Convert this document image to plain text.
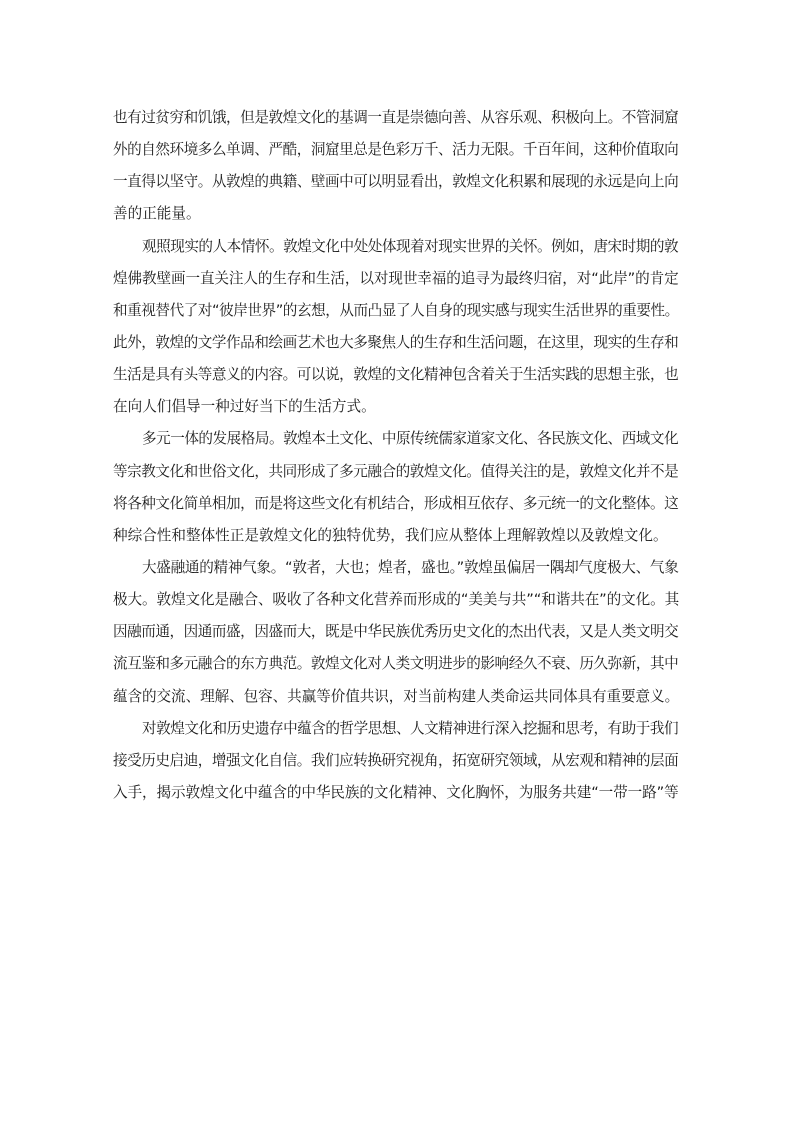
也有过贫穷和饥饿，但是敦煌文化的基调一直是崇德向善、从容乐观、积极向上。不管洞窟
外的自然环境多么单调、严酷，洞窟里总是色彩万千、活力无限。千百年间，这种价值取向
一直得以坚守。从敦煌的典籍、壁画中可以明显看出，敦煌文化积累和展现的永远是向上向
善的正能量。
观照现实的人本情怀。敦煌文化中处处体现着对现实世界的关怀。例如，唐宋时期的敦
煌佛教壁画一直关注人的生存和生活，以对现世幸福的追寻为最终归宿，对“此岸”的肯定
和重视替代了对“彼岸世界”的玄想，从而凸显了人自身的现实感与现实生活世界的重要性。
此外，敦煌的文学作品和绘画艺术也大多聚焦人的生存和生活问题，在这里，现实的生存和
生活是具有头等意义的内容。可以说，敦煌的文化精神包含着关于生活实践的思想主张，也
在向人们倡导一种过好当下的生活方式。
多元一体的发展格局。敦煌本土文化、中原传统儒家道家文化、各民族文化、西域文化
等宗教文化和世俗文化，共同形成了多元融合的敦煌文化。值得关注的是，敦煌文化并不是
将各种文化简单相加，而是将这些文化有机结合，形成相互依存、多元统一的文化整体。这
种综合性和整体性正是敦煌文化的独特优势，我们应从整体上理解敦煌以及敦煌文化。
大盛融通的精神气象。“敦者，大也；煌者，盛也。”敦煌虽偏居一隅却气度极大、气象
极大。敦煌文化是融合、吸收了各种文化营养而形成的“美美与共”“和谐共在”的文化。其
因融而通，因通而盛，因盛而大，既是中华民族优秀历史文化的杰出代表，又是人类文明交
流互鉴和多元融合的东方典范。敦煌文化对人类文明进步的影响经久不衰、历久弥新，其中
蕴含的交流、理解、包容、共赢等价值共识，对当前构建人类命运共同体具有重要意义。
对敦煌文化和历史遗存中蕴含的哲学思想、人文精神进行深入挖掘和思考，有助于我们
接受历史启迪，增强文化自信。我们应转换研究视角，拓宽研究领域，从宏观和精神的层面
入手，揭示敦煌文化中蕴含的中华民族的文化精神、文化胸怀，为服务共建“一带一路”等
